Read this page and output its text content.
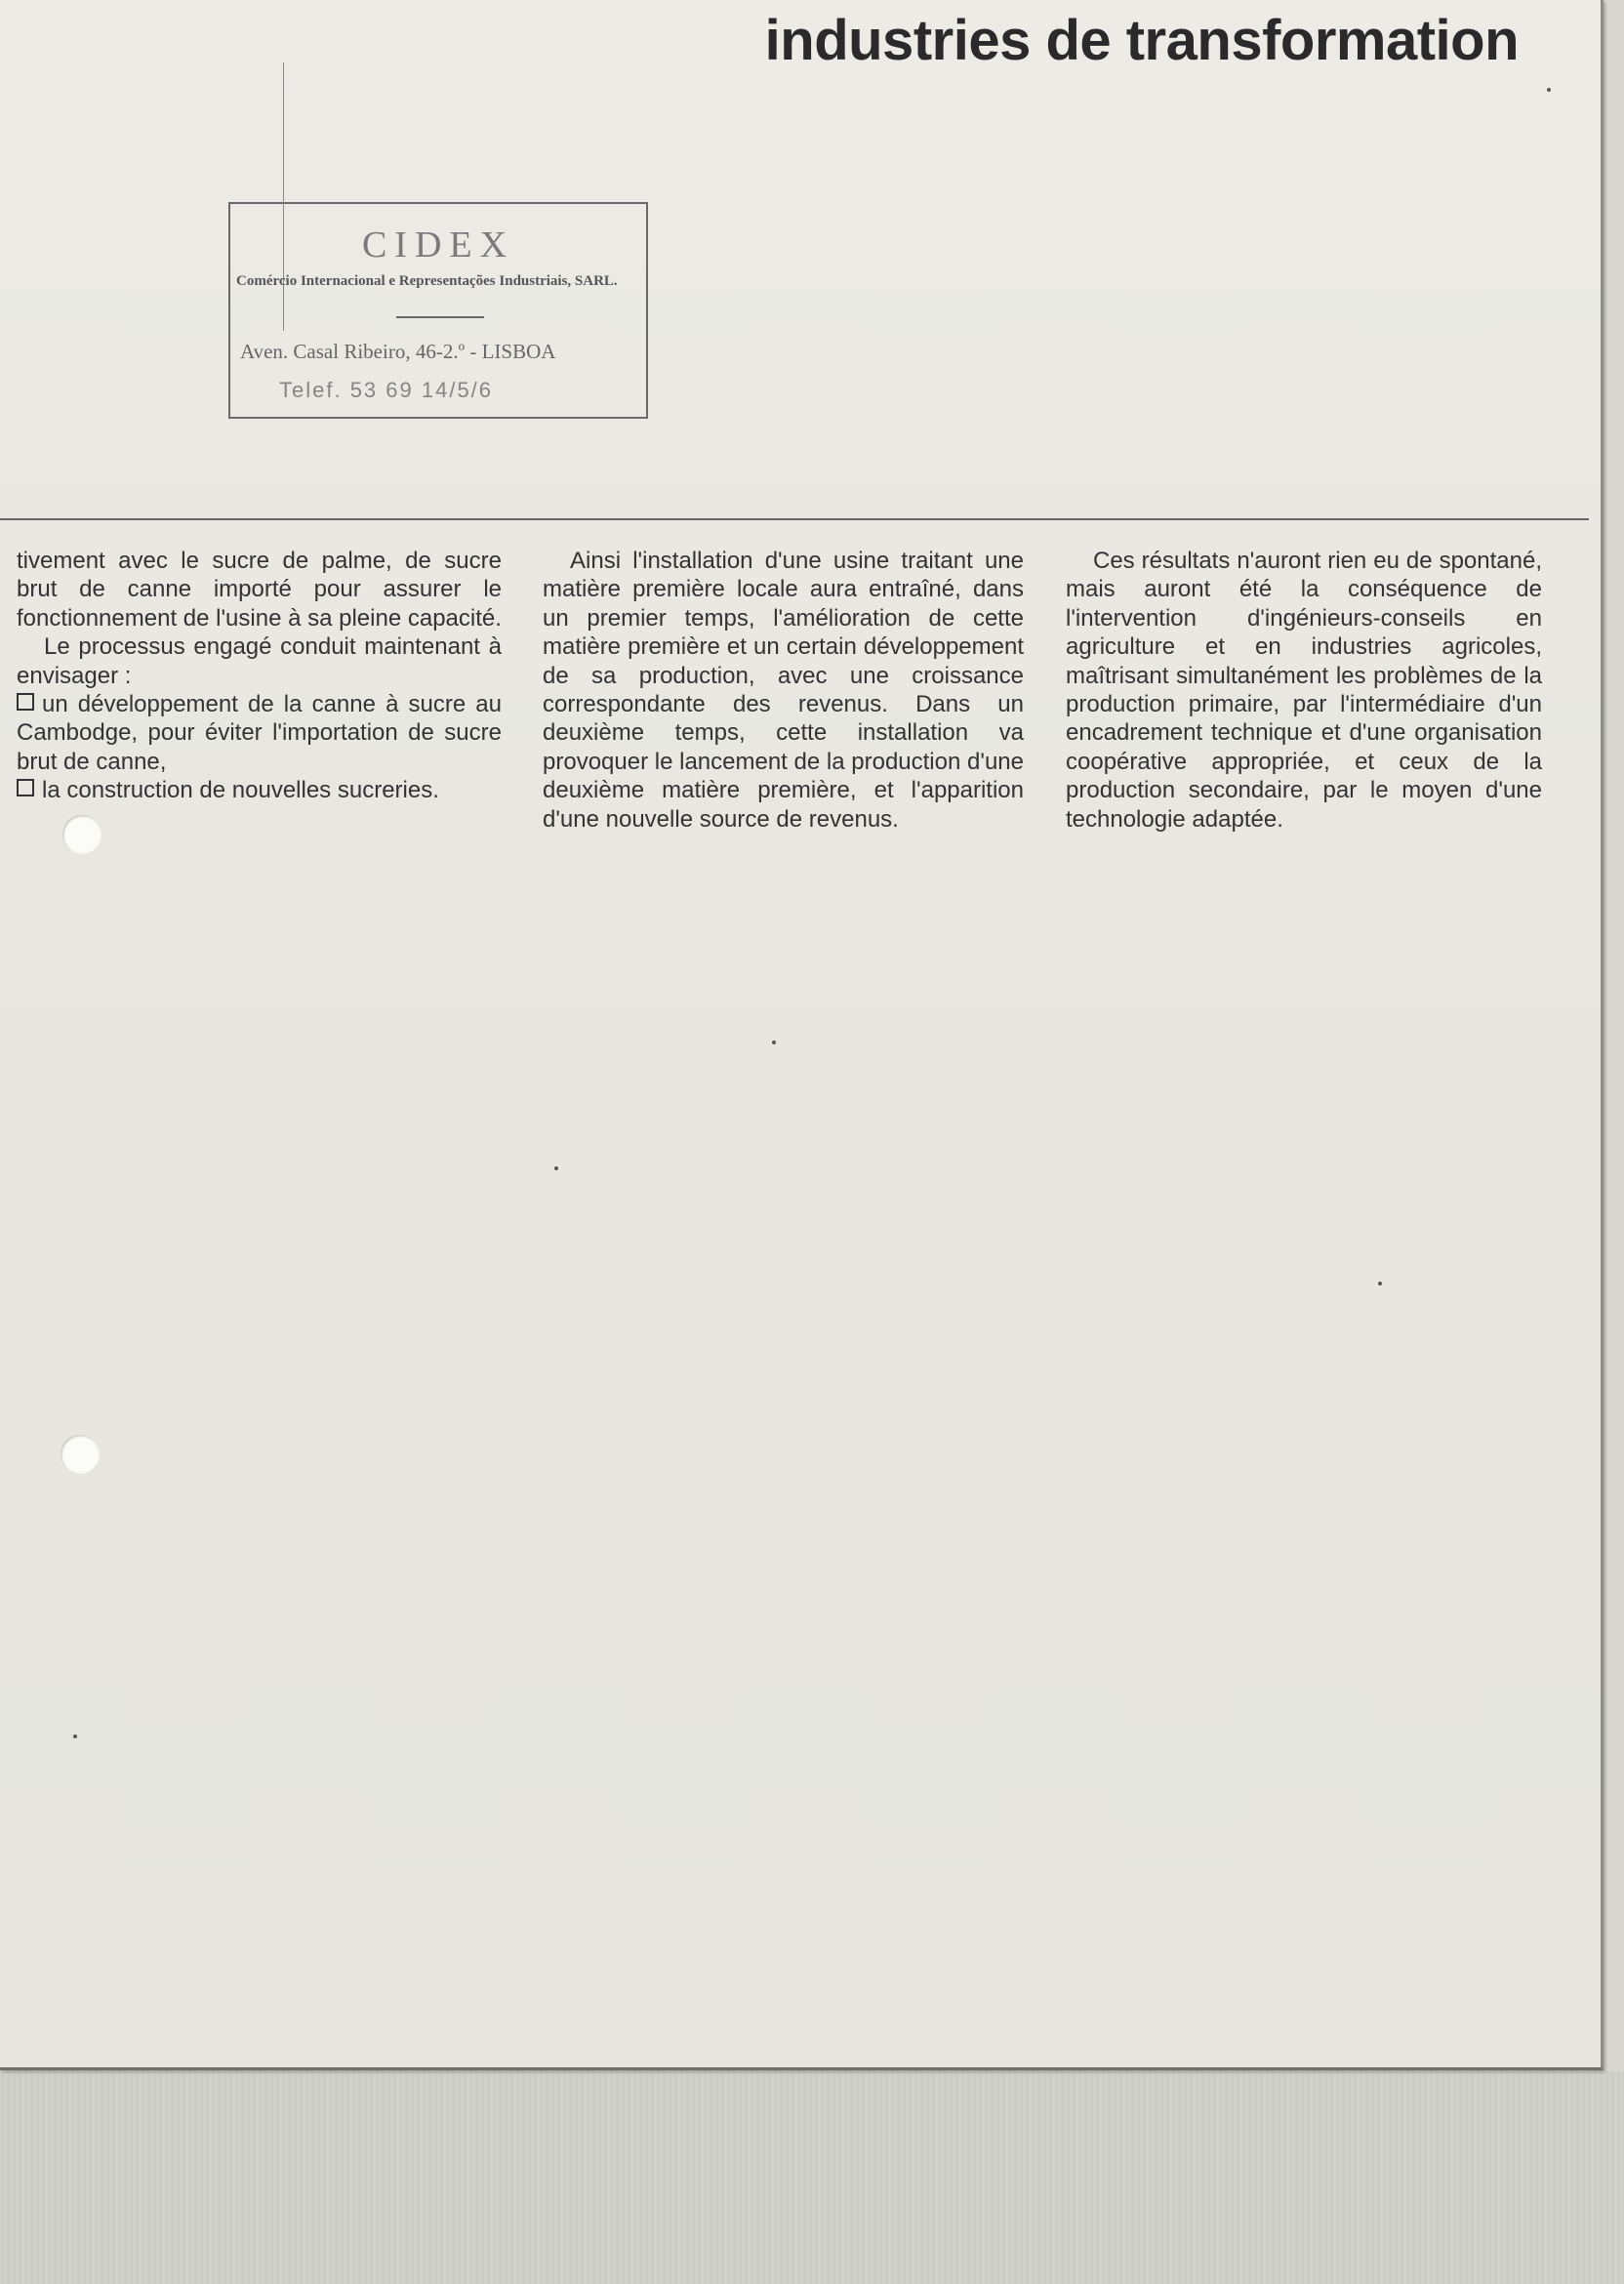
industries de transformation
CIDEX
Comércio Internacional e Representações Industriais, SARL.
Aven. Casal Ribeiro, 46-2.º - LISBOA
Telef. 53 69 14/5/6

tivement avec le sucre de palme, de sucre brut de canne importé pour assurer le fonctionnement de l'usine à sa pleine capacité.

Le processus engagé conduit maintenant à envisager :

un développement de la canne à sucre au Cambodge, pour éviter l'importation de sucre brut de canne,

la construction de nouvelles sucreries.

Ainsi l'installation d'une usine traitant une matière première locale aura entraîné, dans un premier temps, l'amélioration de cette matière première et un certain développement de sa production, avec une croissance correspondante des revenus. Dans un deuxième temps, cette installation va provoquer le lancement de la production d'une deuxième matière première, et l'apparition d'une nouvelle source de revenus.

Ces résultats n'auront rien eu de spontané, mais auront été la conséquence de l'intervention d'ingénieurs-conseils en agriculture et en industries agricoles, maîtrisant simultanément les problèmes de la production primaire, par l'intermédiaire d'un encadrement technique et d'une organisation coopérative appropriée, et ceux de la production secondaire, par le moyen d'une technologie adaptée.
